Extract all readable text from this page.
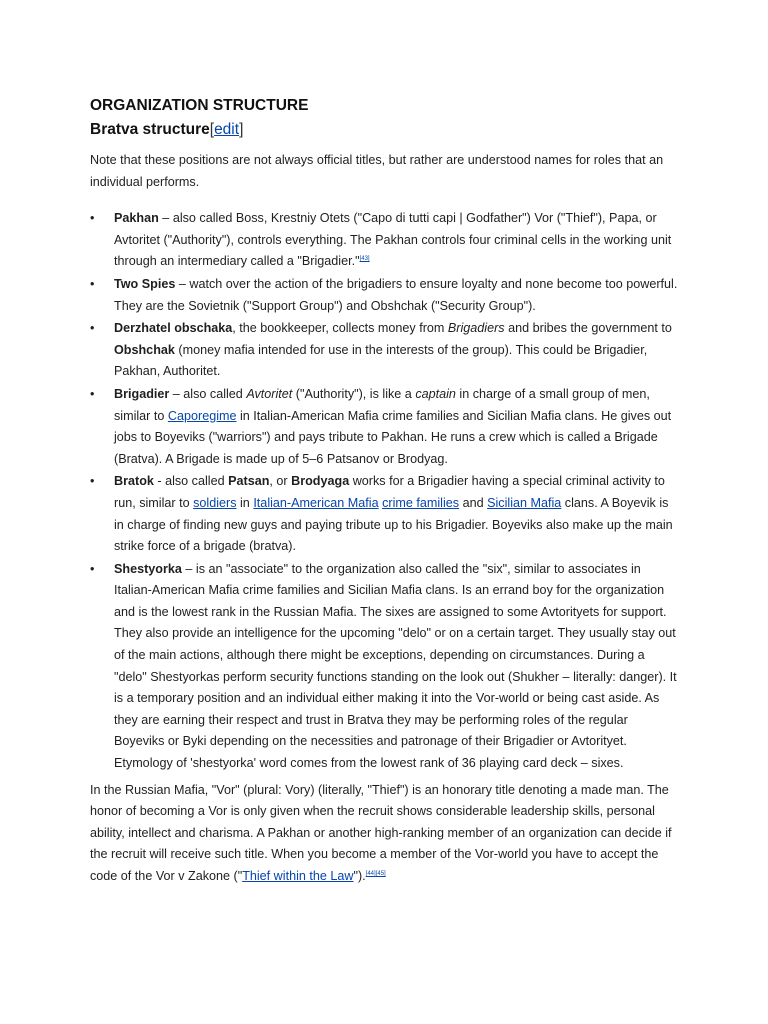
ORGANIZATION STRUCTURE
Bratva structure[edit]

Note that these positions are not always official titles, but rather are understood names for roles that an individual performs.

• Pakhan – also called Boss, Krestniy Otets ("Capo di tutti capi | Godfather") Vor ("Thief"), Papa, or Avtoritet ("Authority"), controls everything. The Pakhan controls four criminal cells in the working unit through an intermediary called a "Brigadier."[43]
• Two Spies – watch over the action of the brigadiers to ensure loyalty and none become too powerful. They are the Sovietnik ("Support Group") and Obshchak ("Security Group").
• Derzhatel obschaka, the bookkeeper, collects money from Brigadiers and bribes the government to Obshchak (money mafia intended for use in the interests of the group). This could be Brigadier, Pakhan, Authoritet.
• Brigadier – also called Avtoritet ("Authority"), is like a captain in charge of a small group of men, similar to Caporegime in Italian-American Mafia crime families and Sicilian Mafia clans. He gives out jobs to Boyeviks ("warriors") and pays tribute to Pakhan. He runs a crew which is called a Brigade (Bratva). A Brigade is made up of 5–6 Patsanov or Brodyag.
• Bratok - also called Patsan, or Brodyaga works for a Brigadier having a special criminal activity to run, similar to soldiers in Italian-American Mafia crime families and Sicilian Mafia clans. A Boyevik is in charge of finding new guys and paying tribute up to his Brigadier. Boyeviks also make up the main strike force of a brigade (bratva).
• Shestyorka – is an "associate" to the organization also called the "six", similar to associates in Italian-American Mafia crime families and Sicilian Mafia clans. Is an errand boy for the organization and is the lowest rank in the Russian Mafia. The sixes are assigned to some Avtorityets for support. They also provide an intelligence for the upcoming "delo" or on a certain target. They usually stay out of the main actions, although there might be exceptions, depending on circumstances. During a "delo" Shestyorkas perform security functions standing on the look out (Shukher – literally: danger). It is a temporary position and an individual either making it into the Vor-world or being cast aside. As they are earning their respect and trust in Bratva they may be performing roles of the regular Boyeviks or Byki depending on the necessities and patronage of their Brigadier or Avtorityet. Etymology of 'shestyorka' word comes from the lowest rank of 36 playing card deck – sixes.

In the Russian Mafia, "Vor" (plural: Vory) (literally, "Thief") is an honorary title denoting a made man. The honor of becoming a Vor is only given when the recruit shows considerable leadership skills, personal ability, intellect and charisma. A Pakhan or another high-ranking member of an organization can decide if the recruit will receive such title. When you become a member of the Vor-world you have to accept the code of the Vor v Zakone ("Thief within the Law").[44][45]
